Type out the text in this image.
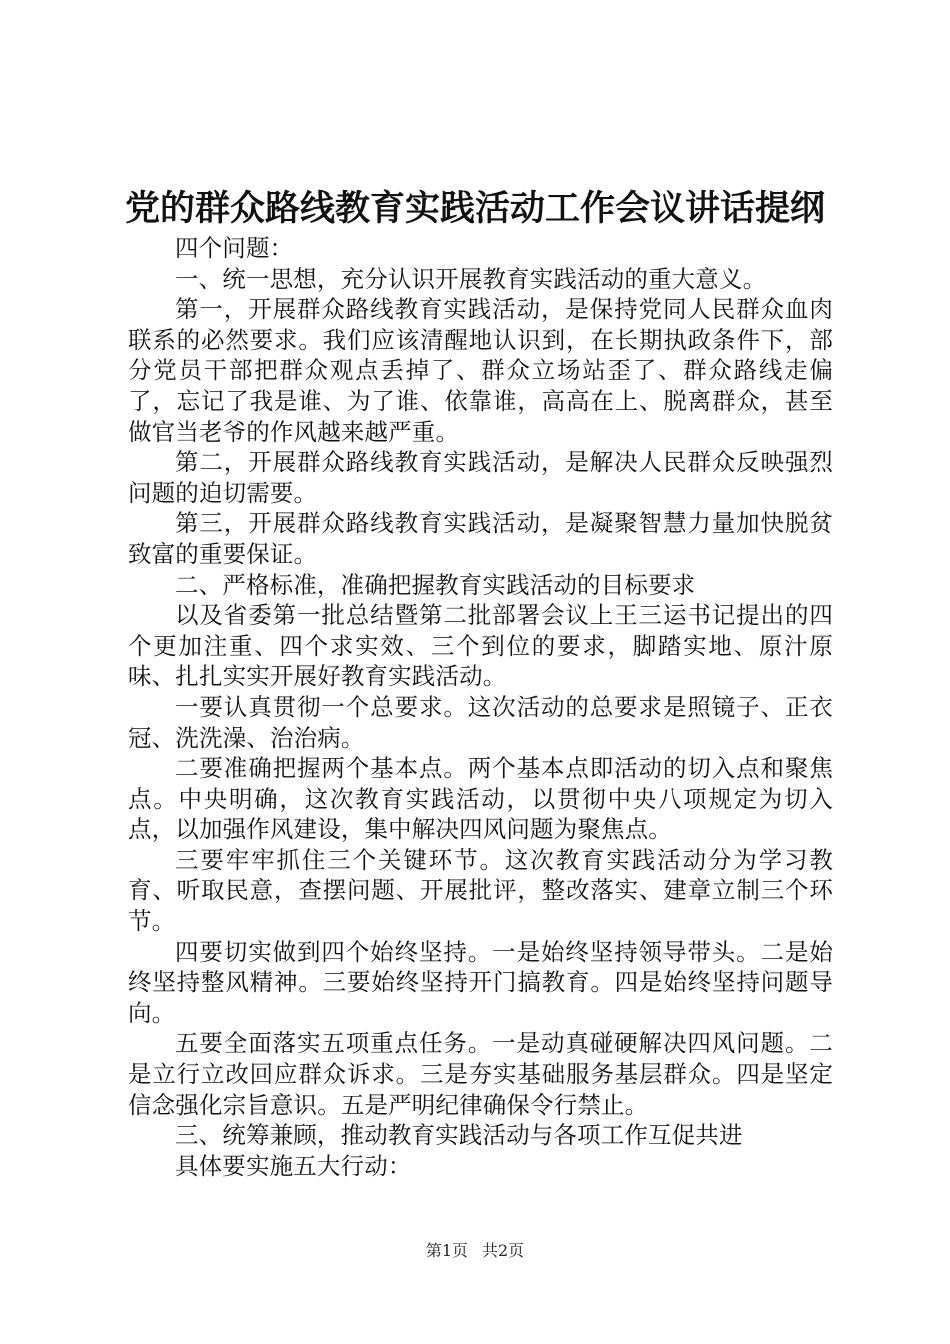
党的群众路线教育实践活动工作会议讲话提纲

四个问题：

一、统一思想，充分认识开展教育实践活动的重大意义。

第一，开展群众路线教育实践活动，是保持党同人民群众血肉联系的必然要求。我们应该清醒地认识到，在长期执政条件下，部分党员干部把群众观点丢掉了、群众立场站歪了、群众路线走偏了，忘记了我是谁、为了谁、依靠谁，高高在上、脱离群众，甚至做官当老爷的作风越来越严重。

第二，开展群众路线教育实践活动，是解决人民群众反映强烈问题的迫切需要。

第三，开展群众路线教育实践活动，是凝聚智慧力量加快脱贫致富的重要保证。

二、严格标准，准确把握教育实践活动的目标要求

以及省委第一批总结暨第二批部署会议上王三运书记提出的四个更加注重、四个求实效、三个到位的要求，脚踏实地、原汁原味、扎扎实实开展好教育实践活动。

一要认真贯彻一个总要求。这次活动的总要求是照镜子、正衣冠、洗洗澡、治治病。

二要准确把握两个基本点。两个基本点即活动的切入点和聚焦点。中央明确，这次教育实践活动，以贯彻中央八项规定为切入点，以加强作风建设，集中解决四风问题为聚焦点。

三要牢牢抓住三个关键环节。这次教育实践活动分为学习教育、听取民意，查摆问题、开展批评，整改落实、建章立制三个环节。

四要切实做到四个始终坚持。一是始终坚持领导带头。二是始终坚持整风精神。三要始终坚持开门搞教育。四是始终坚持问题导向。

五要全面落实五项重点任务。一是动真碰硬解决四风问题。二是立行立改回应群众诉求。三是夯实基础服务基层群众。四是坚定信念强化宗旨意识。五是严明纪律确保令行禁止。

三、统筹兼顾，推动教育实践活动与各项工作互促共进

具体要实施五大行动：

第1页 共2页
